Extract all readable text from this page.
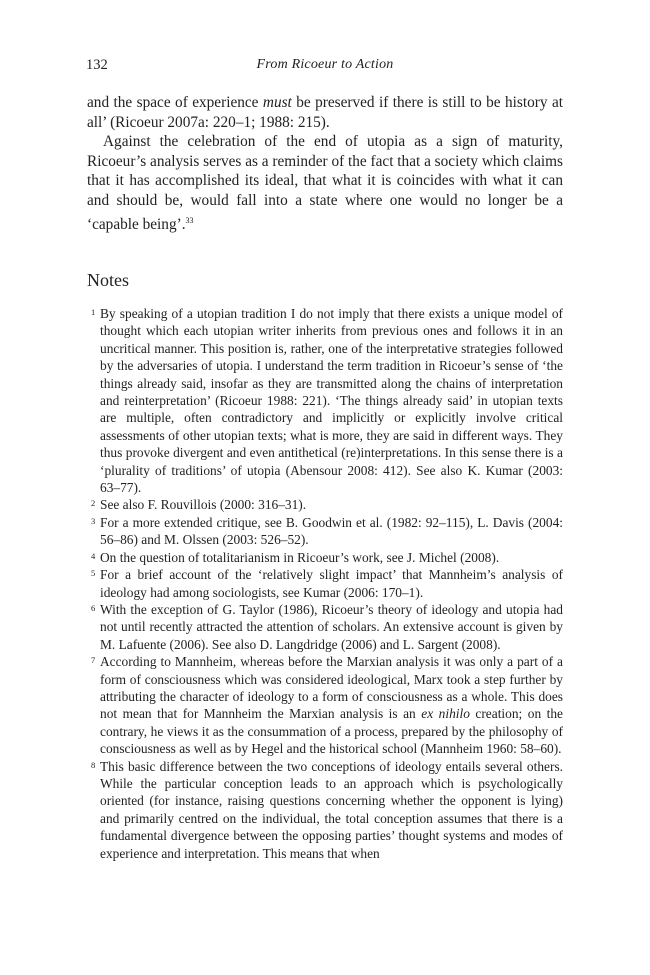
132	From Ricoeur to Action

and the space of experience must be preserved if there is still to be history at all’ (Ricoeur 2007a: 220–1; 1988: 215).

Against the celebration of the end of utopia as a sign of maturity, Ricoeur’s analysis serves as a reminder of the fact that a society which claims that it has accomplished its ideal, that what it is coincides with what it can and should be, would fall into a state where one would no longer be a ‘capable being’.$^{33}$

Notes
1 By speaking of a utopian tradition I do not imply that there exists a unique model of thought which each utopian writer inherits from previous ones and follows it in an uncritical manner. This position is, rather, one of the interpretative strategies followed by the adversaries of utopia. I understand the term tradition in Ricoeur’s sense of ‘the things already said, insofar as they are transmitted along the chains of interpretation and reinterpretation’ (Ricoeur 1988: 221). ‘The things already said’ in utopian texts are multiple, often contradictory and implicitly or explicitly involve critical assessments of other utopian texts; what is more, they are said in different ways. They thus provoke divergent and even antithetical (re)interpretations. In this sense there is a ‘plurality of traditions’ of utopia (Abensour 2008: 412). See also K. Kumar (2003: 63–77).
2 See also F. Rouvillois (2000: 316–31).
3 For a more extended critique, see B. Goodwin et al. (1982: 92–115), L. Davis (2004: 56–86) and M. Olssen (2003: 526–52).
4 On the question of totalitarianism in Ricoeur’s work, see J. Michel (2008).
5 For a brief account of the ‘relatively slight impact’ that Mannheim’s analysis of ideology had among sociologists, see Kumar (2006: 170–1).
6 With the exception of G. Taylor (1986), Ricoeur’s theory of ideology and utopia had not until recently attracted the attention of scholars. An extensive account is given by M. Lafuente (2006). See also D. Langdridge (2006) and L. Sargent (2008).
7 According to Mannheim, whereas before the Marxian analysis it was only a part of a form of consciousness which was considered ideological, Marx took a step further by attributing the character of ideology to a form of consciousness as a whole. This does not mean that for Mannheim the Marxian analysis is an ex nihilo creation; on the contrary, he views it as the consummation of a process, prepared by the philosophy of consciousness as well as by Hegel and the historical school (Mannheim 1960: 58–60).
8 This basic difference between the two conceptions of ideology entails several others. While the particular conception leads to an approach which is psychologically oriented (for instance, raising questions concerning whether the opponent is lying) and primarily centred on the individual, the total conception assumes that there is a fundamental divergence between the opposing parties’ thought systems and modes of experience and interpretation. This means that when
